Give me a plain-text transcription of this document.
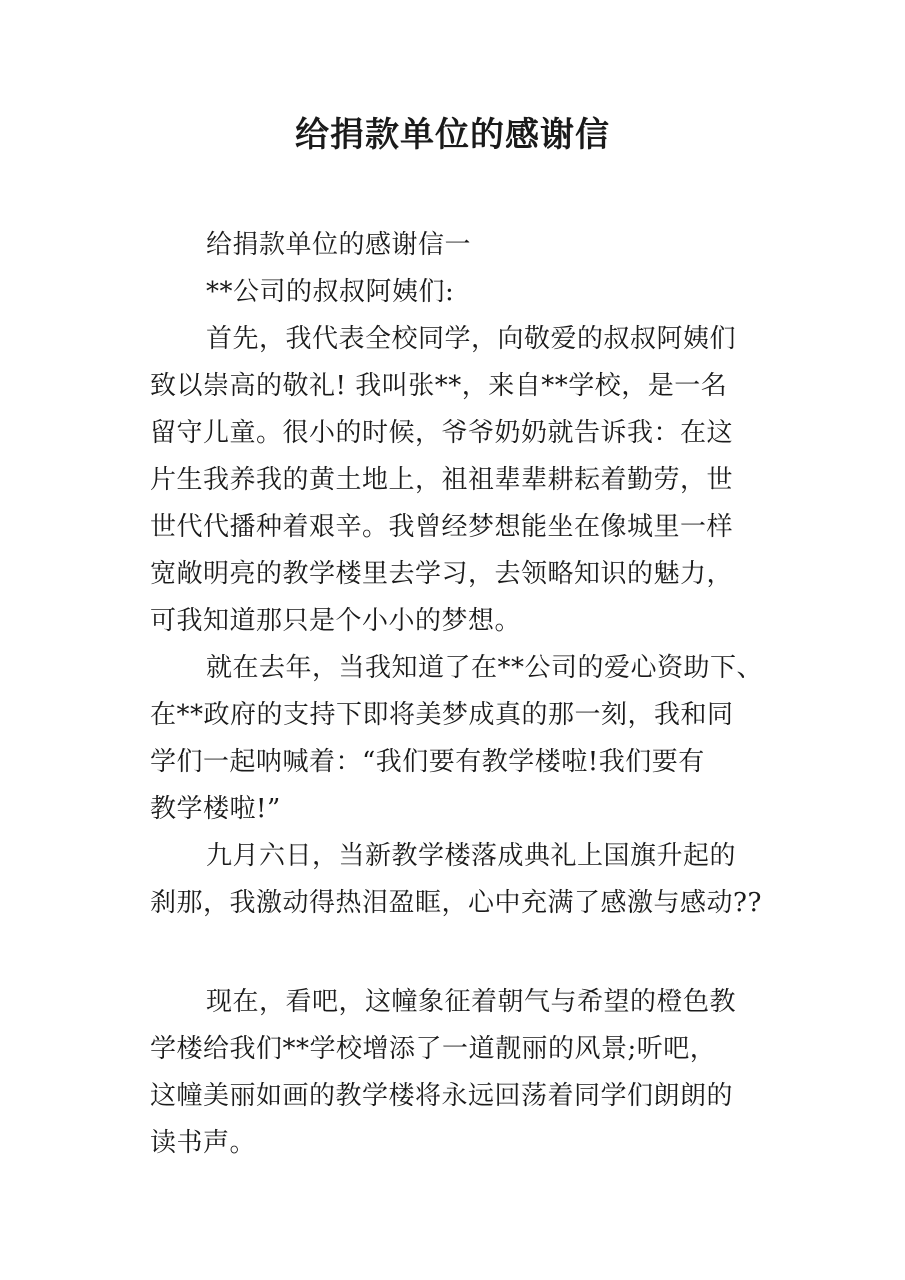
给捐款单位的感谢信
给捐款单位的感谢信一
**公司的叔叔阿姨们:
首先，我代表全校同学，向敬爱的叔叔阿姨们
致以崇高的敬礼! 我叫张**，来自**学校，是一名
留守儿童。很小的时候，爷爷奶奶就告诉我：在这
片生我养我的黄土地上，祖祖辈辈耕耘着勤劳，世
世代代播种着艰辛。我曾经梦想能坐在像城里一样
宽敞明亮的教学楼里去学习，去领略知识的魅力，
可我知道那只是个小小的梦想。
就在去年，当我知道了在**公司的爱心资助下、
在**政府的支持下即将美梦成真的那一刻，我和同
学们一起呐喊着：“我们要有教学楼啦!我们要有
教学楼啦!”
九月六日，当新教学楼落成典礼上国旗升起的
刹那，我激动得热泪盈眶，心中充满了感激与感动??
现在，看吧，这幢象征着朝气与希望的橙色教
学楼给我们**学校增添了一道靓丽的风景;听吧，
这幢美丽如画的教学楼将永远回荡着同学们朗朗的
读书声。
